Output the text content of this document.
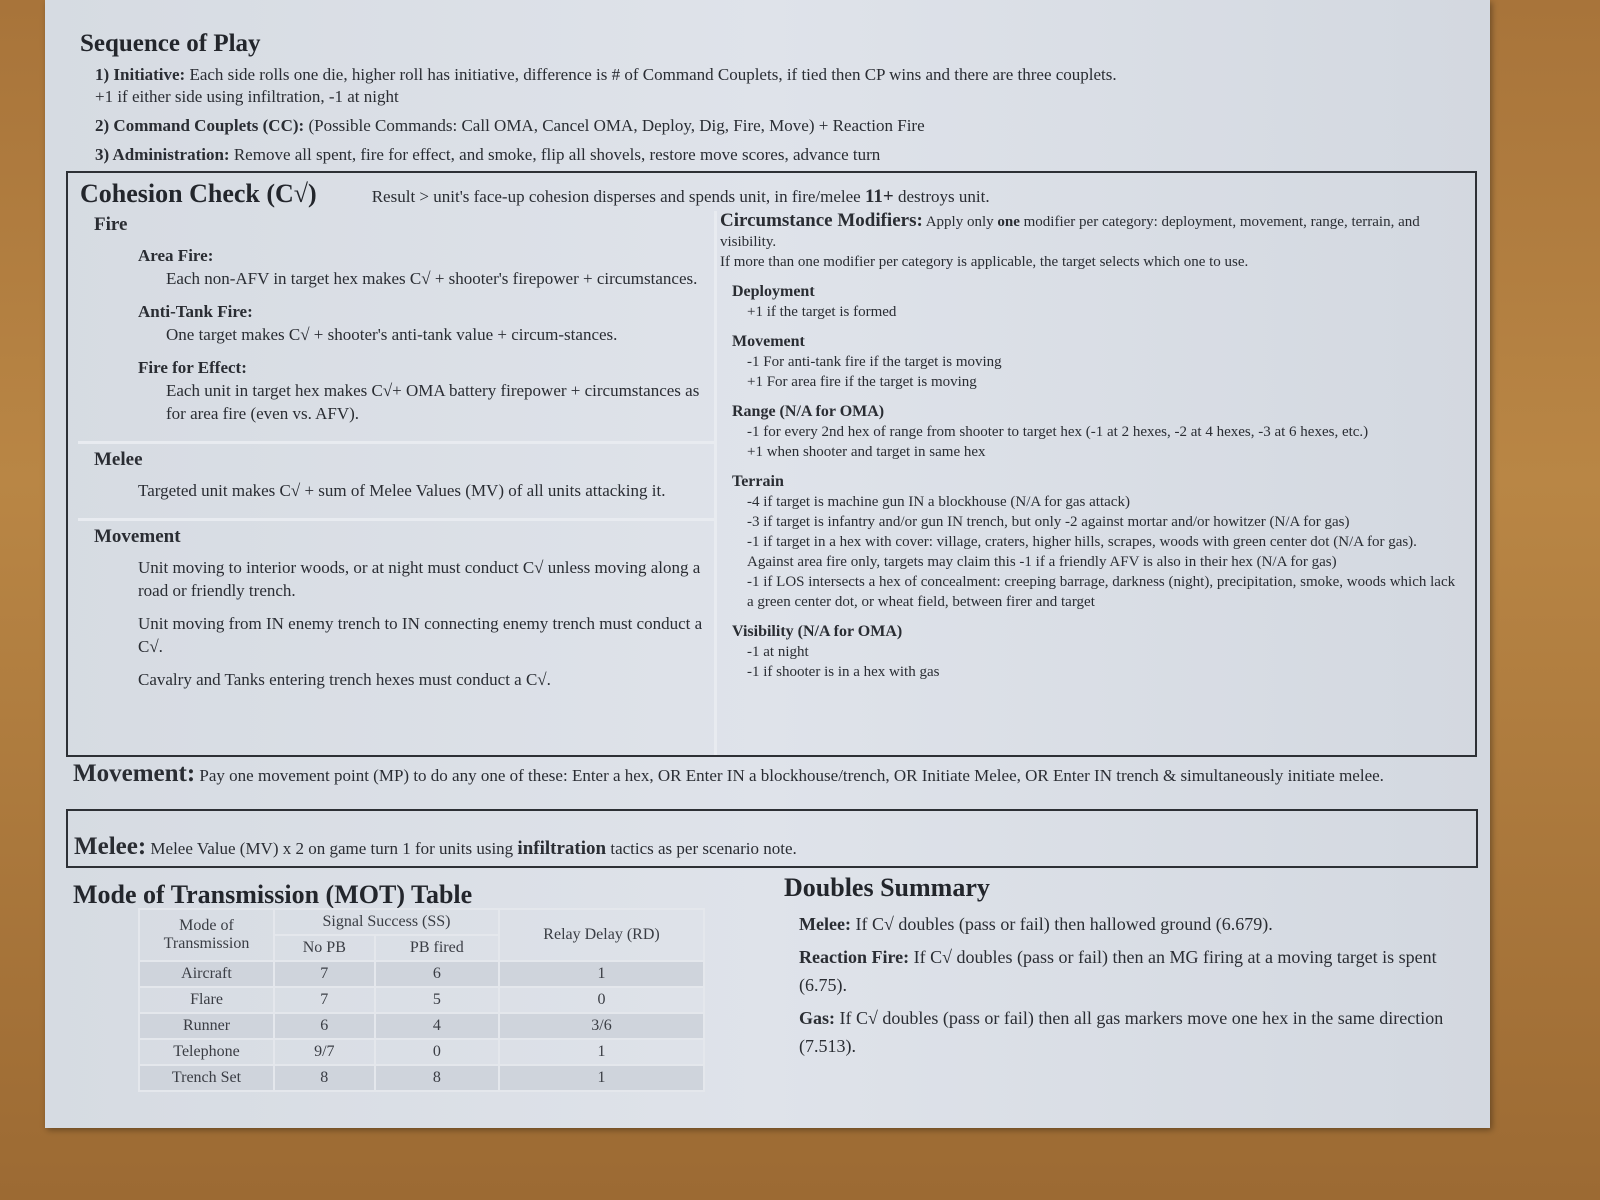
Sequence of Play

1) Initiative: Each side rolls one die, higher roll has initiative, difference is # of Command Couplets, if tied then CP wins and there are three couplets.
+1 if either side using infiltration, -1 at night

2) Command Couplets (CC): (Possible Commands: Call OMA, Cancel OMA, Deploy, Dig, Fire, Move) + Reaction Fire

3) Administration: Remove all spent, fire for effect, and smoke, flip all shovels, restore move scores, advance turn

Cohesion Check (C√)	Result > unit's face-up cohesion disperses and spends unit, in fire/melee 11+ destroys unit.
Fire
Area Fire:

Each non-AFV in target hex makes C√ + shooter's firepower + circumstances.

Anti-Tank Fire:

One target makes C√ + shooter's anti-tank value + circum-stances.

Fire for Effect:

Each unit in target hex makes C√+ OMA battery firepower + circumstances as for area fire (even vs. AFV).

Melee

Targeted unit makes C√ + sum of Melee Values (MV) of all units attacking it.

Movement

Unit moving to interior woods, or at night must conduct C√ unless moving along a road or friendly trench.

Unit moving from IN enemy trench to IN connecting enemy trench must conduct a C√.

Cavalry and Tanks entering trench hexes must conduct a C√.

Circumstance Modifiers: Apply only one modifier per category: deployment, movement, range, terrain, and visibility.

If more than one modifier per category is applicable, the target selects which one to use.

Deployment

+1 if the target is formed

Movement

-1 For anti-tank fire if the target is moving

+1 For area fire if the target is moving

Range (N/A for OMA)

-1 for every 2nd hex of range from shooter to target hex (-1 at 2 hexes, -2 at 4 hexes, -3 at 6 hexes, etc.)

+1 when shooter and target in same hex

Terrain

-4 if target is machine gun IN a blockhouse (N/A for gas attack)

-3 if target is infantry and/or gun IN trench, but only -2 against mortar and/or howitzer (N/A for gas)

-1 if target in a hex with cover: village, craters, higher hills, scrapes, woods with green center dot (N/A for gas). Against area fire only, targets may claim this -1 if a friendly AFV is also in their hex (N/A for gas)

-1 if LOS intersects a hex of concealment: creeping barrage, darkness (night), precipitation, smoke, woods which lack a green center dot, or wheat field, between firer and target

Visibility (N/A for OMA)

-1 at night

-1 if shooter is in a hex with gas

Movement: Pay one movement point (MP) to do any one of these: Enter a hex, OR Enter IN a blockhouse/trench, OR Initiate Melee, OR Enter IN trench & simultaneously initiate melee.
Melee: Melee Value (MV) x 2 on game turn 1 for units using infiltration tactics as per scenario note.
Mode of Transmission (MOT) Table
Mode of Transmission	Signal Success (SS)		Relay Delay (RD)
	No PB	PB fired	
Aircraft	7	6	1
Flare	7	5	0
Runner	6	4	3/6
Telephone	9/7	0	1
Trench Set	8	8	1
Doubles Summary

Melee: If C√ doubles (pass or fail) then hallowed ground (6.679).

Reaction Fire: If C√ doubles (pass or fail) then an MG firing at a moving target is spent (6.75).

Gas: If C√ doubles (pass or fail) then all gas markers move one hex in the same direction (7.513).
